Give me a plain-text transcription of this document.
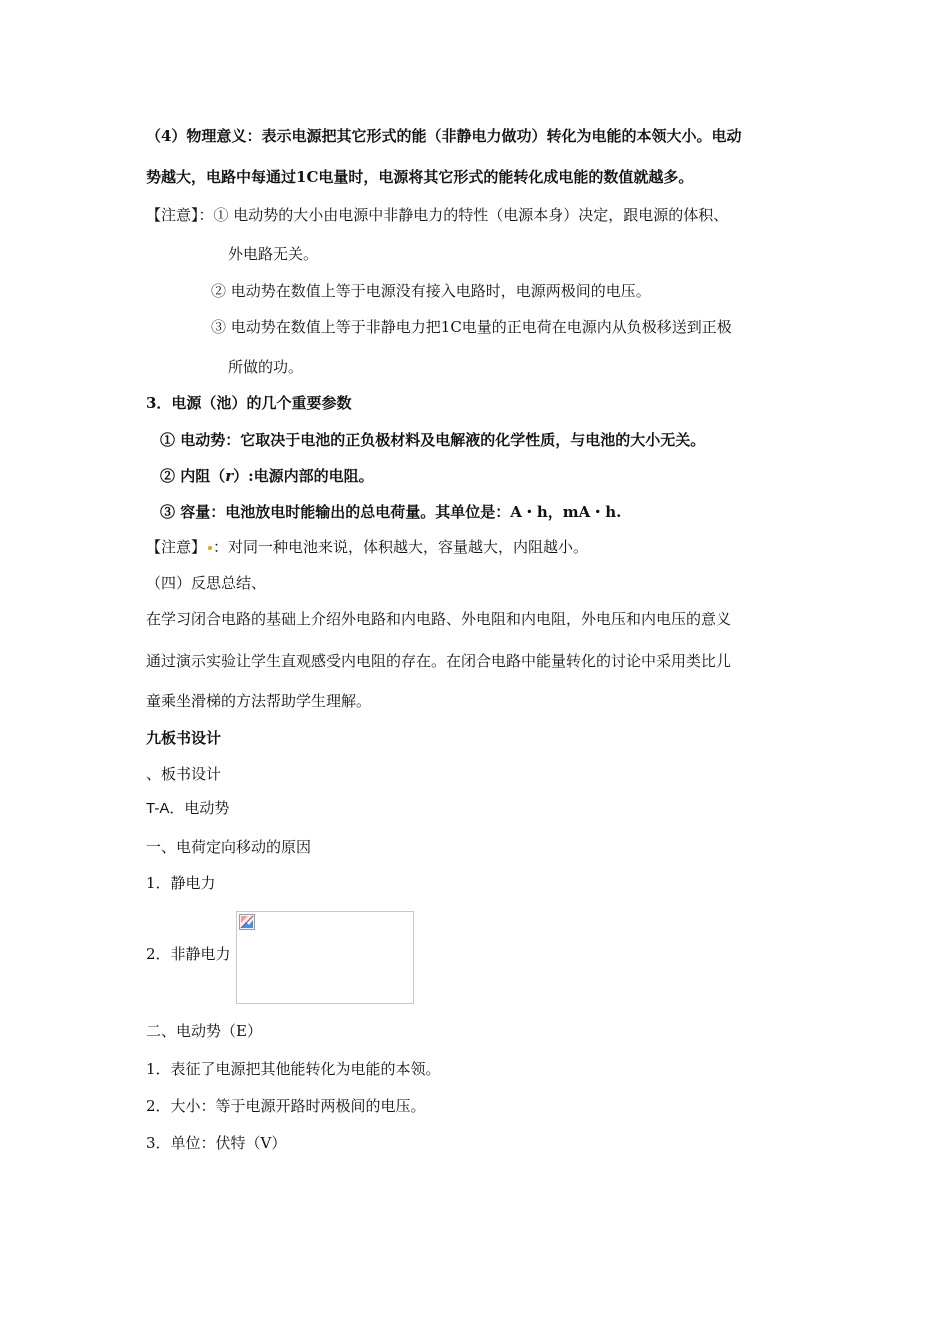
（4）物理意义：表示电源把其它形式的能（非静电力做功）转化为电能的本领大小。电动
势越大，电路中每通过1C电量时，电源将其它形式的能转化成电能的数值就越多。
【注意】：① 电动势的大小由电源中非静电力的特性（电源本身）决定，跟电源的体积、
外电路无关。
② 电动势在数值上等于电源没有接入电路时，电源两极间的电压。
③ 电动势在数值上等于非静电力把1C电量的正电荷在电源内从负极移送到正极
所做的功。
3．电源（池）的几个重要参数
① 电动势：它取决于电池的正负极材料及电解液的化学性质，与电池的大小无关。
② 内阻（r）:电源内部的电阻。
③ 容量：电池放电时能输出的总电荷量。其单位是：A・h，mA・h.
【注意】 ：对同一种电池来说，体积越大，容量越大，内阻越小。
（四）反思总结、
在学习闭合电路的基础上介绍外电路和内电路、外电阻和内电阻，外电压和内电压的意义
通过演示实验让学生直观感受内电阻的存在。在闭合电路中能量转化的讨论中采用类比儿
童乘坐滑梯的方法帮助学生理解。
九板书设计
、板书设计
T-A．电动势
一、电荷定向移动的原因
1．静电力
2．非静电力
二、电动势（E）
1．表征了电源把其他能转化为电能的本领。
2．大小：等于电源开路时两极间的电压。
3．单位：伏特（V）
